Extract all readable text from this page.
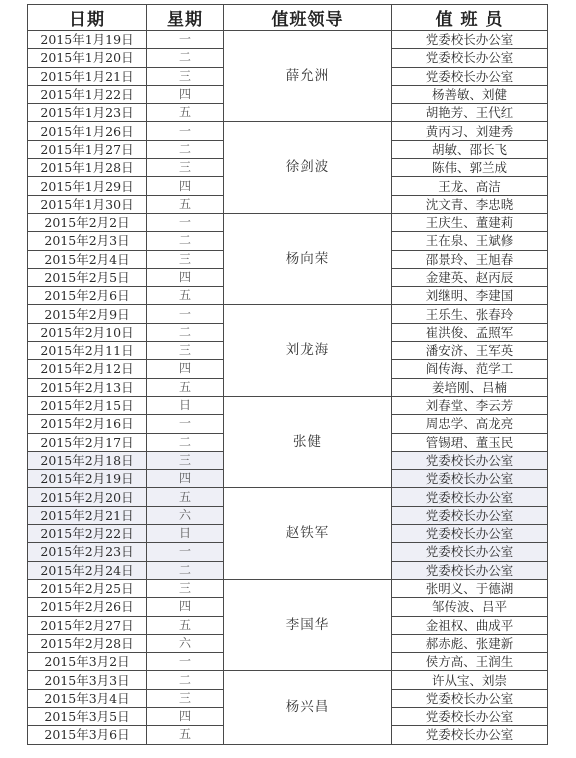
日期	星期	值班领导	值 班 员
2015年1月19日	一	薛允洲	党委校长办公室
2015年1月20日	二		党委校长办公室
2015年1月21日	三		党委校长办公室
2015年1月22日	四		杨善敏、刘健
2015年1月23日	五		胡艳芳、王代红
2015年1月26日	一	徐剑波	黄丙习、刘建秀
2015年1月27日	二		胡敏、邵长飞
2015年1月28日	三		陈伟、郭兰成
2015年1月29日	四		王龙、高洁
2015年1月30日	五		沈文青、李忠晓
2015年2月2日	一	杨向荣	王庆生、董建莉
2015年2月3日	二		王在泉、王斌修
2015年2月4日	三		邵景玲、王旭春
2015年2月5日	四		金建英、赵丙辰
2015年2月6日	五		刘继明、李建国
2015年2月9日	一	刘龙海	王乐生、张春玲
2015年2月10日	二		崔洪俊、孟照军
2015年2月11日	三		潘安济、王军英
2015年2月12日	四		阎传海、范学工
2015年2月13日	五		姜培刚、吕楠
2015年2月15日	日	张健	刘春堂、李云芳
2015年2月16日	一		周忠学、高龙亮
2015年2月17日	二		管锡珺、董玉民
2015年2月18日	三		党委校长办公室
2015年2月19日	四		党委校长办公室
2015年2月20日	五	赵铁军	党委校长办公室
2015年2月21日	六		党委校长办公室
2015年2月22日	日		党委校长办公室
2015年2月23日	一		党委校长办公室
2015年2月24日	二		党委校长办公室
2015年2月25日	三	李国华	张明义、于德湖
2015年2月26日	四		邹传波、吕平
2015年2月27日	五		金祖权、曲成平
2015年2月28日	六		郝赤彪、张建新
2015年3月2日	一		侯方高、王润生
2015年3月3日	二	杨兴昌	许从宝、刘崇
2015年3月4日	三		党委校长办公室
2015年3月5日	四		党委校长办公室
2015年3月6日	五		党委校长办公室
